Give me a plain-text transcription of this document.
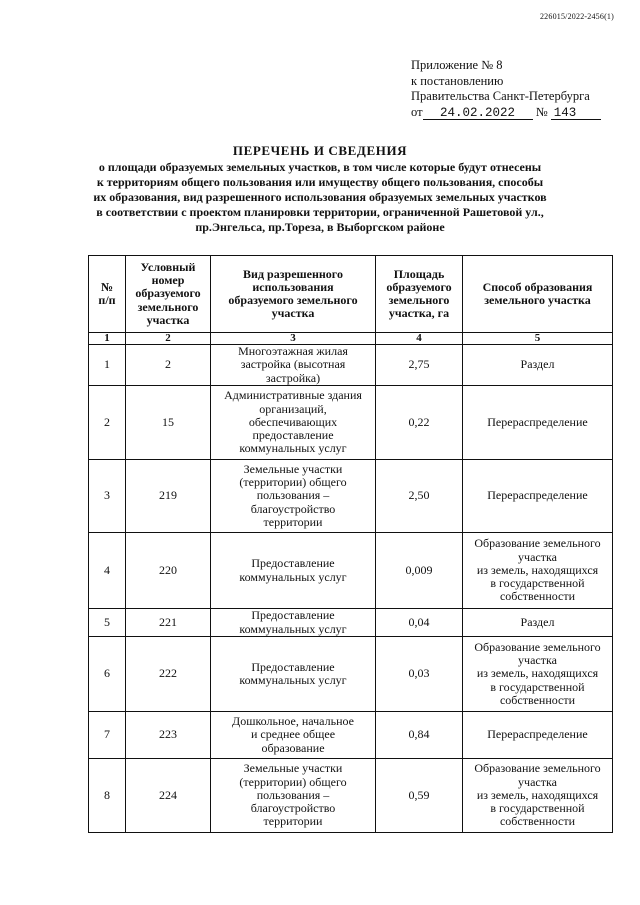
226015/2022-2456(1)
Приложение № 8
к постановлению
Правительства Санкт-Петербурга
от 24.02.2022 № 143
ПЕРЕЧЕНЬ И СВЕДЕНИЯ
о площади образуемых земельных участков, в том числе которые будут отнесены
к территориям общего пользования или имуществу общего пользования, способы
их образования, вид разрешенного использования образуемых земельных участков
в соответствии с проектом планировки территории, ограниченной Рашетовой ул.,
пр.Энгельса, пр.Тореза, в Выборгском районе
№
п/п	Условный
номер
образуемого
земельного
участка	Вид разрешенного
использования
образуемого земельного
участка	Площадь
образуемого
земельного
участка, га	Способ образования
земельного участка
1	2	3	4	5
1	2	Многоэтажная жилая
застройка (высотная
застройка)	2,75	Раздел
2	15	Административные здания
организаций,
обеспечивающих
предоставление
коммунальных услуг	0,22	Перераспределение
3	219	Земельные участки
(территории) общего
пользования –
благоустройство
территории	2,50	Перераспределение
4	220	Предоставление
коммунальных услуг	0,009	Образование земельного
участка
из земель, находящихся
в государственной
собственности
5	221	Предоставление
коммунальных услуг	0,04	Раздел
6	222	Предоставление
коммунальных услуг	0,03	Образование земельного
участка
из земель, находящихся
в государственной
собственности
7	223	Дошкольное, начальное
и среднее общее
образование	0,84	Перераспределение
8	224	Земельные участки
(территории) общего
пользования –
благоустройство
территории	0,59	Образование земельного
участка
из земель, находящихся
в государственной
собственности
